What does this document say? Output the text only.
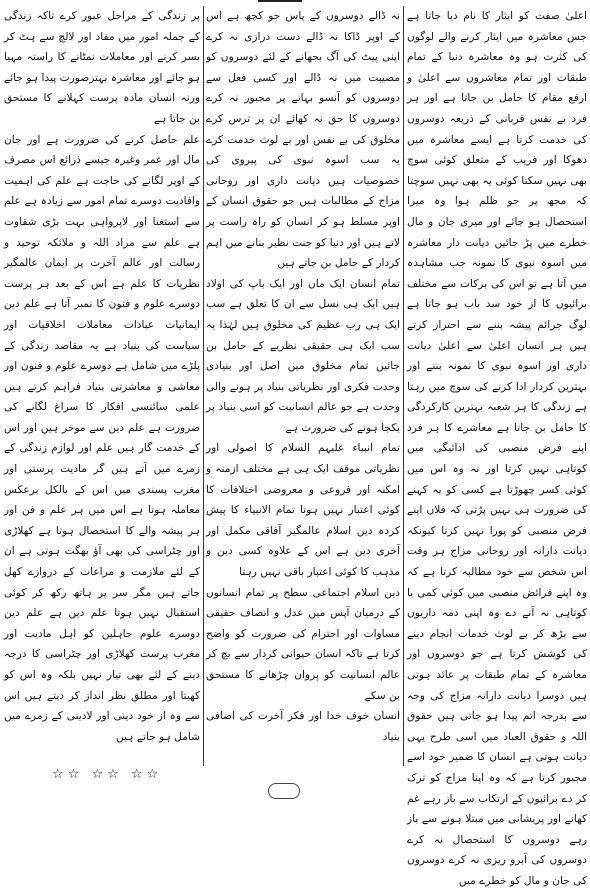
اعلیٰ صفت کو ایثار کا نام دیا جاتا ہے جس معاشرہ میں ایثار کرنے والے لوگوں کی کثرت ہو وہ معاشرہ دنیا کے تمام طبقات اور تمام معاشروں سے اعلیٰ و ارفع مقام کا حامل بن جاتا ہے اور ہر فرد بے نفس قربانی کے ذریعہ دوسروں کی خدمت کرتا ہے ایسے معاشرہ میں دھوکا اور فریب کے متعلق کوئی سوچ بھی نہیں سکتا کوئی یہ بھی نہیں سوچتا کہ مجھ پر جو ظلم ہوا وہ میرا استحصال ہو جائے اور میری جان و مال خطرے میں پڑ جائیں دیانت دار معاشرہ میں اسوہ نبوی کا نمونہ جب مشاہدہ میں آتا ہے تو اس کی برکات سے مختلف برائیوں کا از خود سد باب ہو جاتا ہے لوگ جرائم پیشہ بننے سے احتراز کرتے ہیں ہر انسان اعلیٰ سے اعلیٰ دیانت داری اور اسوہ نبوی کا نمونہ بننے اور بہترین کردار ادا کرنے کی سوچ میں رہتا ہے زندگی کا ہر شعبہ بہترین کارکردگی کا حامل بن جاتا ہے معاشرے کا ہر فرد اپنے فرض منصبی کی ادائیگی میں کوتاہی نہیں کرتا اور نہ وہ اس میں کوئی کسر چھوڑتا ہے کسی کو یہ کہنے کی ضرورت ہی نہیں پڑتی کہ فلاں اپنے فرض منصبی کو پورا نہیں کرتا کیونکہ دیانت دارانہ اور روحانی مزاج ہر وقت اس شخص سے خود مطالبہ کرتا ہے کہ وہ اپنے فرائض منصبی میں کوئی کمی یا کوتاہی نہ آنے دے وہ اپنی ذمہ داریوں سے بڑھ کر بے لوث خدمات انجام دینے کی کوشش کرتا ہے جو دوسروں اور معاشرہ کے تمام طبقات پر عائد ہوتی ہیں دوسرا دیانت دارانہ مزاج کی وجہ سے بدرجہ اتم پیدا ہو جاتی ہیں حقوق اللہ و حقوق العباد میں اسی طرح یہی دیانت ہوتی ہے انسان کا ضمیر خود اسے مجبور کرتا ہے کہ وہ اپنا مزاج کو ترک کر دے برائیوں کے ارتکاب سے باز رہے غم کھانے اور پریشانی میں مبتلا ہونے سے باز رہے دوسروں کا استحصال نہ کرے دوسروں کی آبرو ریزی نہ کرے دوسروں کی جان و مال کو خطرے میں

نہ ڈالے دوسروں کے پاس جو کچھ ہے اس کے اوپر ڈاکا نہ ڈالے دست درازی نہ کرے اپنی پیٹ کی آگ بجھانے کے لئے دوسروں کو مصیبت میں نہ ڈالے اور کسی فعل سے دوسروں کو آنسو بہانے پر مجبور نہ کرے دوسروں کا حق نہ کھائے ان پر ترس کرے مخلوق کی بے نفس اور بے لوث خدمت کرے یہ سب اسوہ نبوی کی پیروی کی خصوصیات ہیں دیانت داری اور روحانی مزاج کے مطالبات ہیں جو حقوق انسان کے اوپر مسلط ہو کر انسان کو راہ راست پر لاتے ہیں اور دنیا کو جنت نظیر بنانے میں اہم کردار کے حامل بن جاتے ہیں

تمام انسان ایک ماں اور ایک باپ کی اولاد ہیں ایک ہی نسل سے ان کا تعلق ہے سب ایک ہی رب عظیم کی مخلوق ہیں لہٰذا یہ سب ایک ہی حقیقی نظریے کے حامل بن جائیں تمام مخلوق میں اصل اور بنیادی وحدت فکری اور نظریاتی بنیاد پر ہونے والی وحدت ہے جو عالم انسانیت کو اسی بنیاد پر یکجا ہونے کی ضرورت ہے

تمام انبیاء علیہم السلام کا اصولی اور نظریاتی موقف ایک ہی ہے مختلف ازمنہ و امکنہ اور فروعی و معروضی اختلافات کا کوئی اعتبار نہیں ہوتا تمام الانبیاء کا پیش کردہ دین اسلام عالمگیر آفاقی مکمل اور آخری دین ہے اس کے علاوہ کسی دین و مذہب کا کوئی اعتبار باقی نہیں رہتا

دین اسلام اجتماعی سطح پر تمام انسانوں کے درمیان آپس میں عدل و انصاف حقیقی مساوات اور احترام کی ضرورت کو واضح کرتا ہے تاکہ انسان حیوانی کردار سے بچ کر عالم انسانیت کو پروان چڑھانے کا مستحق بن سکے

انسان خوف خدا اور فکر آخرت کی اضافی بنیاد

پر زندگی کے مراحل عبور کرے تاکہ زندگی کے جملہ امور میں مفاد اور لالچ سے ہٹ کر بسر کرنے اور معاملات نمٹانے کا راستہ مہیا ہو جائے اور معاشرہ بہترصورت پیدا ہو جائے ورنہ انسان مادہ پرست کہلانے کا مستحق بن جاتا ہے

علم حاصل کرنے کی ضرورت ہے اور جان مال اور عمر وغیرہ جیسے ذرائع اس مصرف کے اوپر لگانے کی حاجت ہے علم کی اہمیت وافادیت دوسرے تمام امور سے زیادہ ہے علم سے استغنا اور لاپرواہی بہت بڑی شقاوت ہے علم سے مراد اللہ و ملائکہ توحید و رسالت اور عالم آخرت پر ایمان عالمگیر نظریات کا علم ہے اس کے بعد ہر پرست دوسرے علوم و فنون کا نمبر آتا ہے علم دین ایمانیات عبادات معاملات اخلاقیات اور سیاست کی بنیاد ہے یہ مقاصد زندگی کے پلڑے میں شامل ہے دوسرے علوم و فنون اور معاشی و معاشرتی بنیاد فراہم کرتے ہیں علمی سائنسی افکار کا سراغ لگانے کی ضرورت ہے علم دین سے موخر ہیں اور اس کے خدمت گار ہیں علم اور لوازم زندگی کے زمرے میں آتے ہیں گر مادیت پرستی اور مغرب پسندی میں اس کے بالکل برعکس معاملہ ہوتا ہے اس میں ہر علم و فن اور ہر پیشہ والے کا استحصال ہوتا ہے کھلاڑی اور چٹراسی کی بھی آؤ بھگت ہوتی ہے ان کے لئے ملازمت و مراعات کے دروازے کھل جاتے ہیں مگر سر پر ہاتھ رکھ کر کوئی استقبال نہیں ہوتا علم دین ہے علم دین دوسرے علوم جاہلین کو اہل مادیت اور مغرب پرست کھلاڑی اور چٹراسی کا درجہ دینے کے لئے بھی تیار نہیں بلکہ وہ اس کو کھیتا اور مطلق نظر انداز کر دیتے ہیں اس سے وہ از خود دینی اور لادینی کے زمرے میں شامل ہو جاتے ہیں

☆☆ ☆☆ ☆☆
